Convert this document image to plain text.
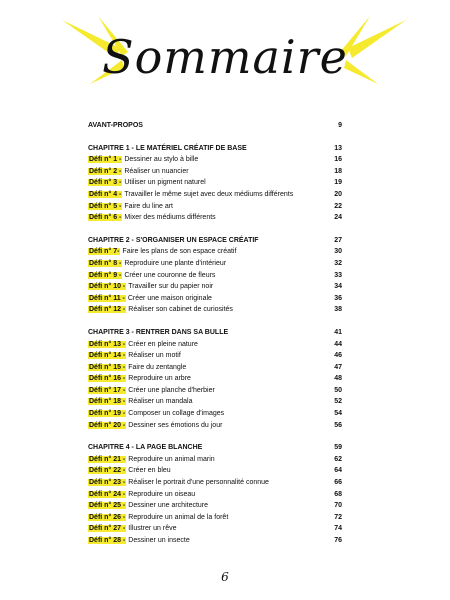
Sommaire
AVANT-PROPOS	9
CHAPITRE 1 - LE MATÉRIEL CRÉATIF DE BASE	13
Défi n° 1 - Dessiner au stylo à bille	16
Défi n° 2 - Réaliser un nuancier	18
Défi n° 3 - Utiliser un pigment naturel	19
Défi n° 4 - Travailler le même sujet avec deux médiums différents	20
Défi n° 5 - Faire du line art	22
Défi n° 6 - Mixer des médiums différents	24
CHAPITRE 2 - S'ORGANISER UN ESPACE CRÉATIF	27
Défi n° 7- Faire les plans de son espace créatif	30
Défi n° 8 - Reproduire une plante d'intérieur	32
Défi n° 9 - Créer une couronne de fleurs	33
Défi n° 10 - Travailler sur du papier noir	34
Défi n° 11 - Créer une maison originale	36
Défi n° 12 - Réaliser son cabinet de curiosités	38
CHAPITRE 3 - RENTRER DANS SA BULLE	41
Défi n° 13 - Créer en pleine nature	44
Défi n° 14 - Réaliser un motif	46
Défi n° 15 - Faire du zentangle	47
Défi n° 16 - Reproduire un arbre	48
Défi n° 17 - Créer une planche d'herbier	50
Défi n° 18 - Réaliser un mandala	52
Défi n° 19 - Composer un collage d'images	54
Défi n° 20 - Dessiner ses émotions du jour	56
CHAPITRE 4 - LA PAGE BLANCHE	59
Défi n° 21 - Reproduire un animal marin	62
Défi n° 22 - Créer en bleu	64
Défi n° 23 - Réaliser le portrait d'une personnalité connue	66
Défi n° 24 - Reproduire un oiseau	68
Défi n° 25 - Dessiner une architecture	70
Défi n° 26 - Reproduire un animal de la forêt	72
Défi n° 27 - Illustrer un rêve	74
Défi n° 28 - Dessiner un insecte	76
6
